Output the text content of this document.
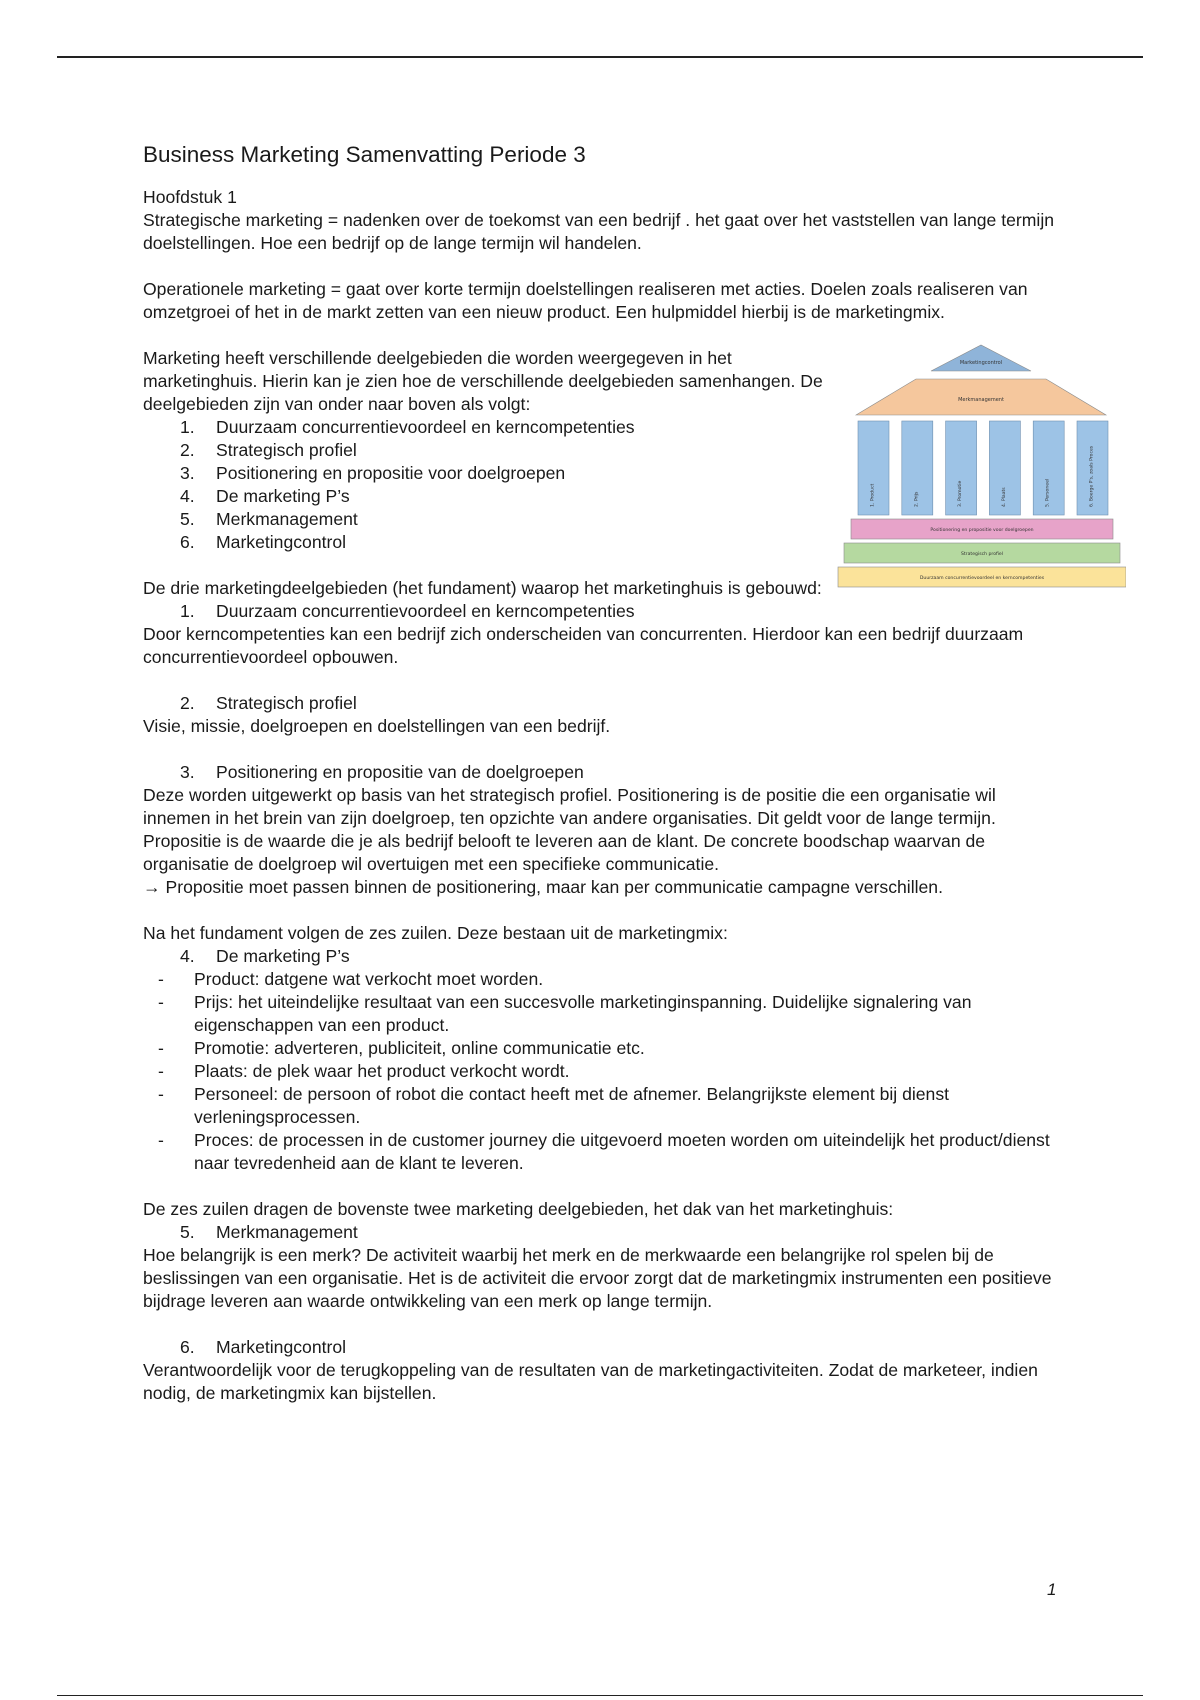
Business Marketing Samenvatting Periode 3

Hoofdstuk 1

Strategische marketing = nadenken over de toekomst van een bedrijf . het gaat over het vaststellen van lange termijn doelstellingen. Hoe een bedrijf op de lange termijn wil handelen.

Operationele marketing = gaat over korte termijn doelstellingen realiseren met acties. Doelen zoals realiseren van omzetgroei of het in de markt zetten van een nieuw product. Een hulpmiddel hierbij is de marketingmix.

Marketing heeft verschillende deelgebieden die worden weergegeven in het marketinghuis. Hierin kan je zien hoe de verschillende deelgebieden samenhangen. De deelgebieden zijn van onder naar boven als volgt:

1. Duurzaam concurrentievoordeel en kerncompetenties
2. Strategisch profiel
3. Positionering en propositie voor doelgroepen
4. De marketing P’s
5. Merkmanagement
6. Marketingcontrol
Marketingcontrol
Merkmanagement
1. Product	2. Prijs	3. Promotie	4. Plaats	5. Personeel	6. Boerge P's, zoals Proces
Positionering en propositie voor doelgroepen
Strategisch profiel
Duurzaam concurrentievoordeel en kerncompetenties

De drie marketingdeelgebieden (het fundament) waarop het marketinghuis is gebouwd:

1. Duurzaam concurrentievoordeel en kerncompetenties

Door kerncompetenties kan een bedrijf zich onderscheiden van concurrenten. Hierdoor kan een bedrijf duurzaam concurrentievoordeel opbouwen.

2. Strategisch profiel

Visie, missie, doelgroepen en doelstellingen van een bedrijf.

3. Positionering en propositie van de doelgroepen

Deze worden uitgewerkt op basis van het strategisch profiel. Positionering is de positie die een organisatie wil innemen in het brein van zijn doelgroep, ten opzichte van andere organisaties. Dit geldt voor de lange termijn. Propositie is de waarde die je als bedrijf belooft te leveren aan de klant. De concrete boodschap waarvan de organisatie de doelgroep wil overtuigen met een specifieke communicatie.

→ Propositie moet passen binnen de positionering, maar kan per communicatie campagne verschillen.

Na het fundament volgen de zes zuilen. Deze bestaan uit de marketingmix:

4. De marketing P’s
- Product: datgene wat verkocht moet worden.
- Prijs: het uiteindelijke resultaat van een succesvolle marketinginspanning. Duidelijke signalering van eigenschappen van een product.
- Promotie: adverteren, publiciteit, online communicatie etc.
- Plaats: de plek waar het product verkocht wordt.
- Personeel: de persoon of robot die contact heeft met de afnemer. Belangrijkste element bij dienst verleningsprocessen.
- Proces: de processen in de customer journey die uitgevoerd moeten worden om uiteindelijk het product/dienst naar tevredenheid aan de klant te leveren.

De zes zuilen dragen de bovenste twee marketing deelgebieden, het dak van het marketinghuis:

5. Merkmanagement

Hoe belangrijk is een merk? De activiteit waarbij het merk en de merkwaarde een belangrijke rol spelen bij de beslissingen van een organisatie. Het is de activiteit die ervoor zorgt dat de marketingmix instrumenten een positieve bijdrage leveren aan waarde ontwikkeling van een merk op lange termijn.

6. Marketingcontrol

Verantwoordelijk voor de terugkoppeling van de resultaten van de marketingactiviteiten. Zodat de marketeer, indien nodig, de marketingmix kan bijstellen.

1
